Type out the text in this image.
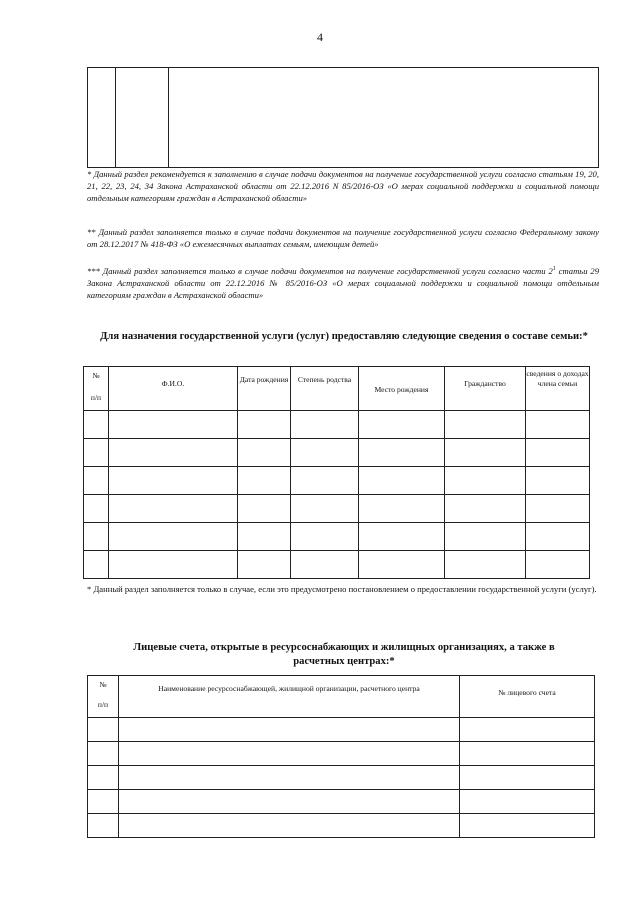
4

* Данный раздел рекомендуется к заполнению в случае подачи документов на получение государственной услуги согласно статьям 19, 20, 21, 22, 23, 24, 34 Закона Астраханской области от 22.12.2016 N 85/2016-ОЗ «О мерах социальной поддержки и социальной помощи отдельным категориям граждан в Астраханской области»
** Данный раздел заполняется только в случае подачи документов на получение государственной услуги согласно Федеральному закону от 28.12.2017 № 418-ФЗ «О ежемесячных выплатах семьям, имеющим детей»
*** Данный раздел заполняется только в случае подачи документов на получение государственной услуги согласно части $2^1$ статьи 29 Закона Астраханской области от 22.12.2016 № 85/2016-ОЗ «О мерах социальной поддержки и социальной помощи отдельным категориям граждан в Астраханской области»
Для назначения государственной услуги (услуг) предоставляю следующие сведения о составе семьи:*
№
п/п	Ф.И.О.	Дата рождения	Степень родства	Место рождения	Гражданство	сведения о доходах члена семьи

* Данный раздел заполняется только в случае, если это предусмотрено постановлением о предоставлении государственной услуги (услуг).
Лицевые счета, открытые в ресурсоснабжающих и жилищных организациях, а также в расчетных центрах:*
№
п/п	Наименование ресурсоснабжающей, жилищной организации, расчетного центра	№ лицевого счета
